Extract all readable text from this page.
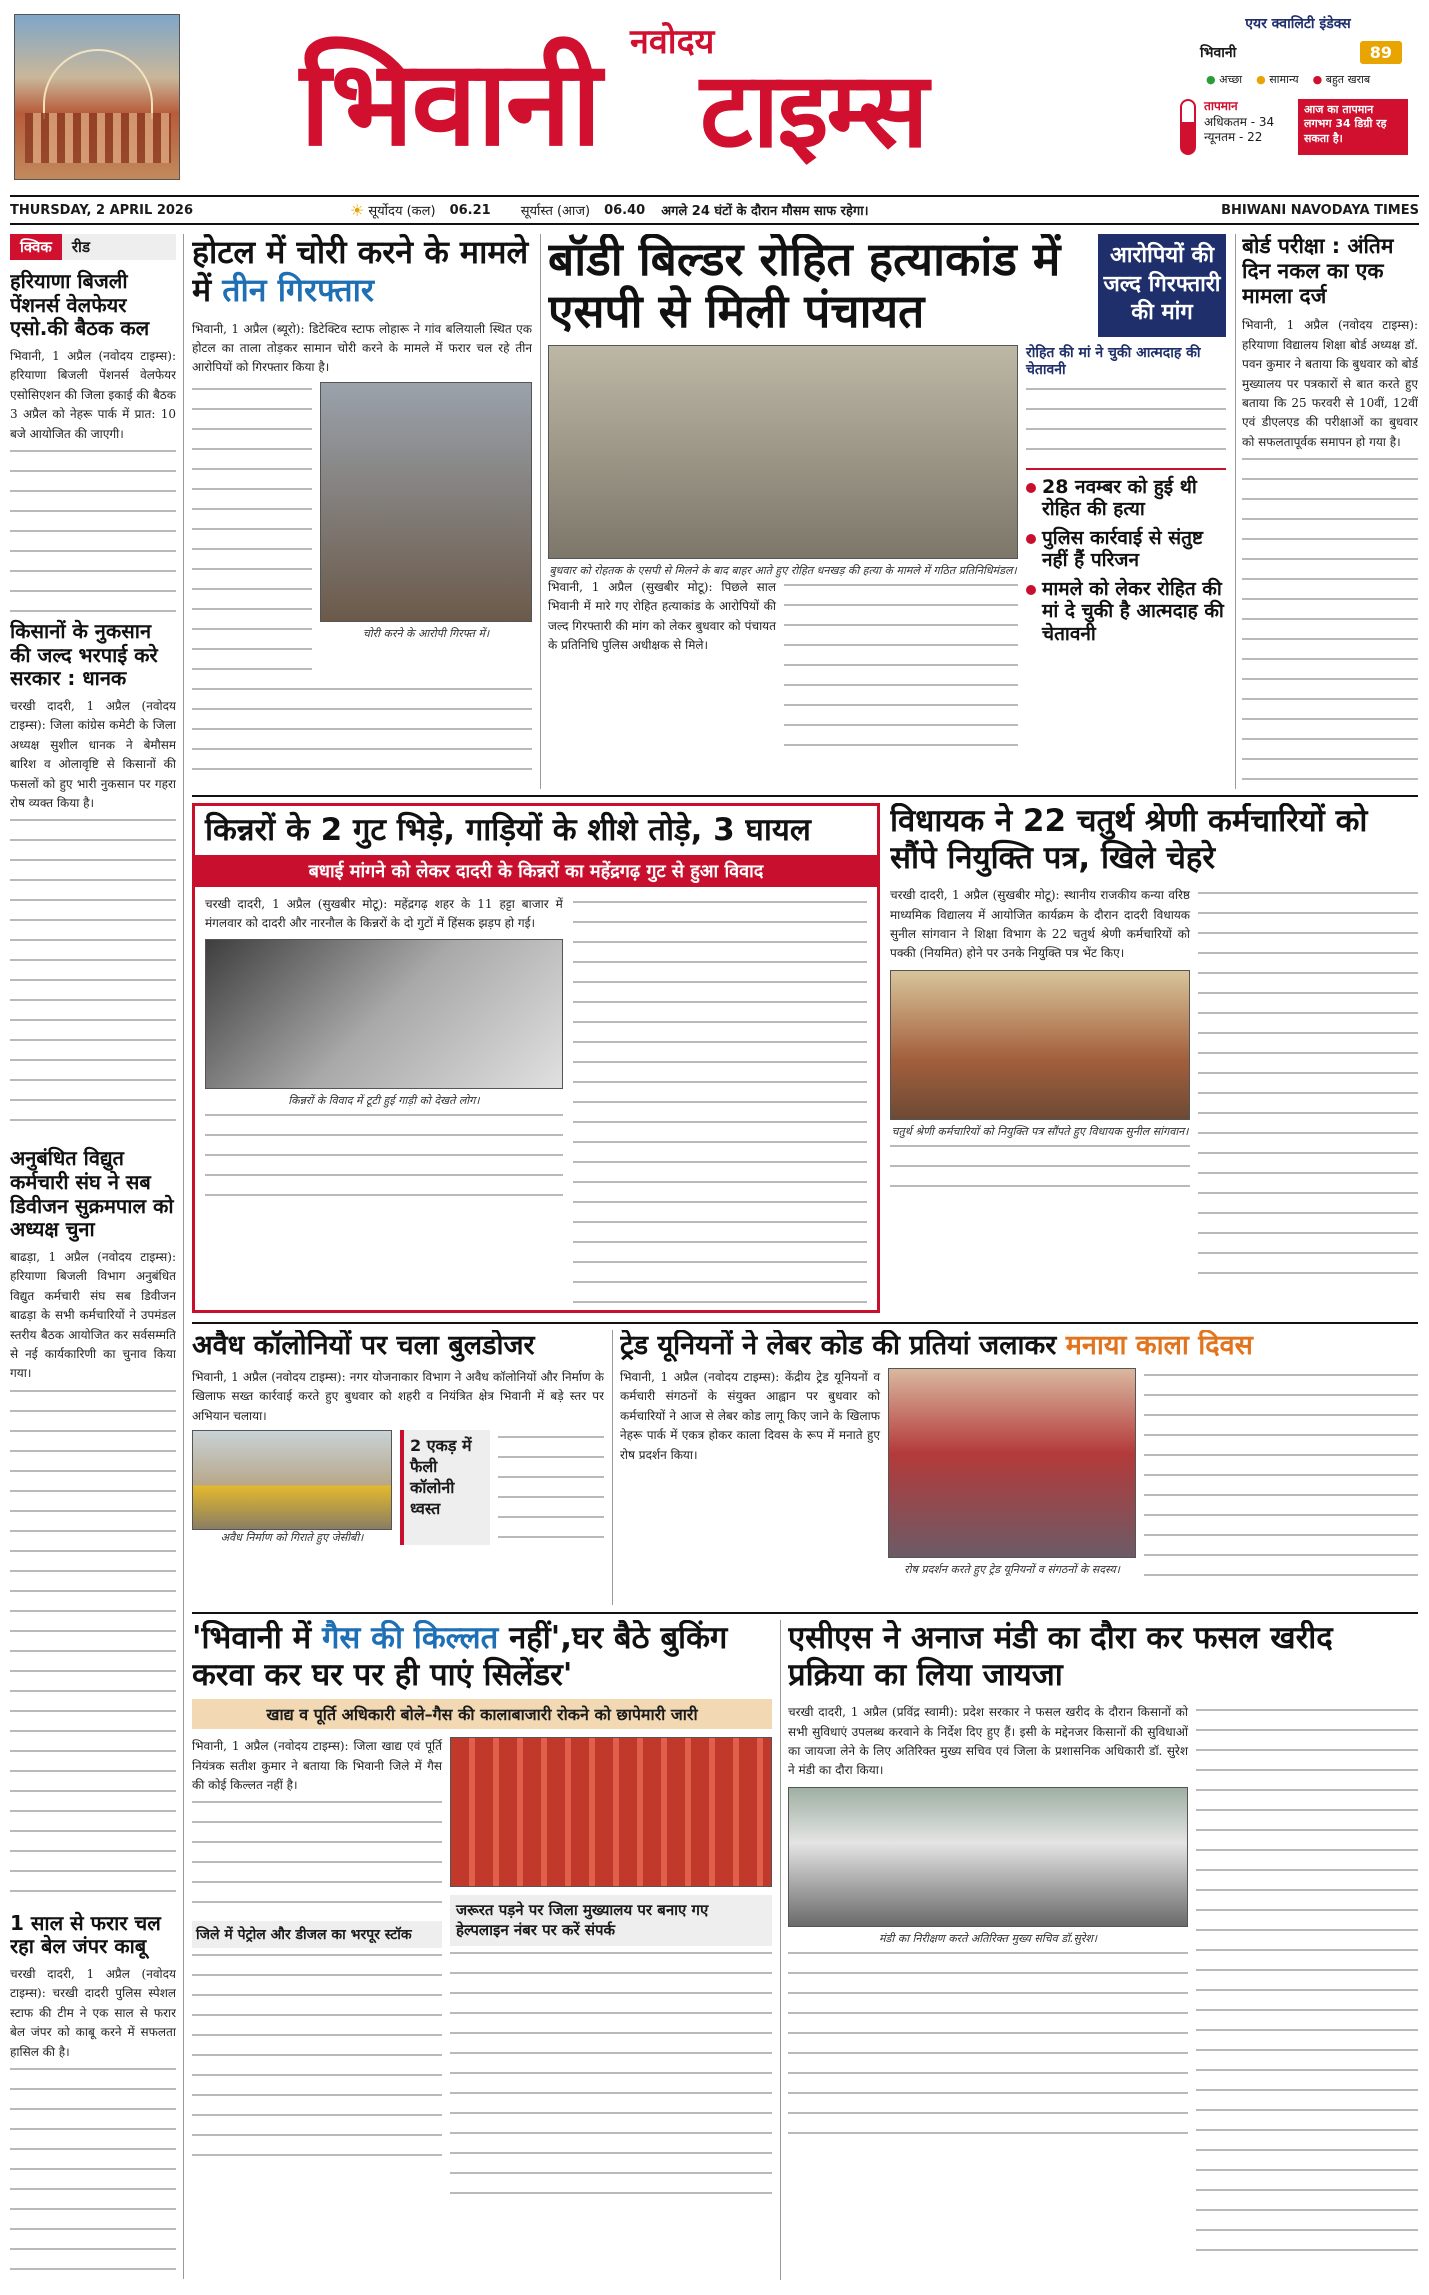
नवोदय
भिवानी टाइम्स
एयर क्वालिटी इंडेक्स
भिवानी	89
● अच्छा ● सामान्य ● बहुत खराब
तापमान
अधिकतम - 34
न्यूनतम - 22
आज का तापमान लगभग 34 डिग्री रह सकता है।
THURSDAY, 2 APRIL 2026	☀ सूर्योदय (कल) 06.21 सूर्यास्त (आज) 06.40 अगले 24 घंटों के दौरान मौसम साफ रहेगा।	BHIWANI NAVODAYA TIMES
क्विक	रीड
हरियाणा बिजली पेंशनर्स वेलफेयर एसो.की बैठक कल
भिवानी, 1 अप्रैल (नवोदय टाइम्स): हरियाणा बिजली पेंशनर्स वेलफेयर एसोसिएशन की जिला इकाई की बैठक 3 अप्रैल को नेहरू पार्क में प्रात: 10 बजे आयोजित की जाएगी।
किसानों के नुकसान की जल्द भरपाई करे सरकार : धानक
चरखी दादरी, 1 अप्रैल (नवोदय टाइम्स): जिला कांग्रेस कमेटी के जिला अध्यक्ष सुशील धानक ने बेमौसम बारिश व ओलावृष्टि से किसानों की फसलों को हुए भारी नुकसान पर गहरा रोष व्यक्त किया है।
अनुबंधित विद्युत कर्मचारी संघ ने सब डिवीजन सुक्रमपाल को अध्यक्ष चुना
बाढड़ा, 1 अप्रैल (नवोदय टाइम्स): हरियाणा बिजली विभाग अनुबंधित विद्युत कर्मचारी संघ सब डिवीजन बाढड़ा के सभी कर्मचारियों ने उपमंडल स्तरीय बैठक आयोजित कर सर्वसम्मति से नई कार्यकारिणी का चुनाव किया गया।
1 साल से फरार चल रहा बेल जंपर काबू
चरखी दादरी, 1 अप्रैल (नवोदय टाइम्स): चरखी दादरी पुलिस स्पेशल स्टाफ की टीम ने एक साल से फरार बेल जंपर को काबू करने में सफलता हासिल की है।
होटल में चोरी करने के मामले में तीन गिरफ्तार
भिवानी, 1 अप्रैल (ब्यूरो): डिटेक्टिव स्टाफ लोहारू ने गांव बलियाली स्थित एक होटल का ताला तोड़कर सामान चोरी करने के मामले में फरार चल रहे तीन आरोपियों को गिरफ्तार किया है।
चोरी करने के आरोपी गिरफ्त में।
बॉडी बिल्डर रोहित हत्याकांड में एसपी से मिली पंचायत
आरोपियों की जल्द गिरफ्तारी की मांग
बुधवार को रोहतक के एसपी से मिलने के बाद बाहर आते हुए रोहित धनखड़ की हत्या के मामले में गठित प्रतिनिधिमंडल।
भिवानी, 1 अप्रैल (सुखबीर मोटू): पिछले साल भिवानी में मारे गए रोहित हत्याकांड के आरोपियों की जल्द गिरफ्तारी की मांग को लेकर बुधवार को पंचायत के प्रतिनिधि पुलिस अधीक्षक से मिले।
रोहित की मां ने चुकी आत्मदाह की चेतावनी
28 नवम्बर को हुई थी रोहित की हत्या
पुलिस कार्रवाई से संतुष्ट नहीं हैं परिजन
मामले को लेकर रोहित की मां दे चुकी है आत्मदाह की चेतावनी
बोर्ड परीक्षा : अंतिम दिन नकल का एक मामला दर्ज
भिवानी, 1 अप्रैल (नवोदय टाइम्स): हरियाणा विद्यालय शिक्षा बोर्ड अध्यक्ष डॉ. पवन कुमार ने बताया कि बुधवार को बोर्ड मुख्यालय पर पत्रकारों से बात करते हुए बताया कि 25 फरवरी से 10वीं, 12वीं एवं डीएलएड की परीक्षाओं का बुधवार को सफलतापूर्वक समापन हो गया है।
किन्नरों के 2 गुट भिड़े, गाड़ियों के शीशे तोड़े, 3 घायल
बधाई मांगने को लेकर दादरी के किन्नरों का महेंद्रगढ़ गुट से हुआ विवाद
चरखी दादरी, 1 अप्रैल (सुखबीर मोटू): महेंद्रगढ़ शहर के 11 हट्टा बाजार में मंगलवार को दादरी और नारनौल के किन्नरों के दो गुटों में हिंसक झड़प हो गई।
किन्नरों के विवाद में टूटी हुई गाड़ी को देखते लोग।
विधायक ने 22 चतुर्थ श्रेणी कर्मचारियों को सौंपे नियुक्ति पत्र, खिले चेहरे
चरखी दादरी, 1 अप्रैल (सुखबीर मोटू): स्थानीय राजकीय कन्या वरिष्ठ माध्यमिक विद्यालय में आयोजित कार्यक्रम के दौरान दादरी विधायक सुनील सांगवान ने शिक्षा विभाग के 22 चतुर्थ श्रेणी कर्मचारियों को पक्की (नियमित) होने पर उनके नियुक्ति पत्र भेंट किए।
चतुर्थ श्रेणी कर्मचारियों को नियुक्ति पत्र सौंपते हुए विधायक सुनील सांगवान।
अवैध कॉलोनियों पर चला बुलडोजर
भिवानी, 1 अप्रैल (नवोदय टाइम्स): नगर योजनाकार विभाग ने अवैध कॉलोनियों और निर्माण के खिलाफ सख्त कार्रवाई करते हुए बुधवार को शहरी व नियंत्रित क्षेत्र भिवानी में बड़े स्तर पर अभियान चलाया।
अवैध निर्माण को गिराते हुए जेसीबी।
2 एकड़ में फैली कॉलोनी ध्वस्त
ट्रेड यूनियनों ने लेबर कोड की प्रतियां जलाकर मनाया काला दिवस
भिवानी, 1 अप्रैल (नवोदय टाइम्स): केंद्रीय ट्रेड यूनियनों व कर्मचारी संगठनों के संयुक्त आह्वान पर बुधवार को कर्मचारियों ने आज से लेबर कोड लागू किए जाने के खिलाफ नेहरू पार्क में एकत्र होकर काला दिवस के रूप में मनाते हुए रोष प्रदर्शन किया।
रोष प्रदर्शन करते हुए ट्रेड यूनियनों व संगठनों के सदस्य।
'भिवानी में गैस की किल्लत नहीं',घर बैठे बुकिंग करवा कर घर पर ही पाएं सिलेंडर'
खाद्य व पूर्ति अधिकारी बोले–गैस की कालाबाजारी रोकने को छापेमारी जारी
भिवानी, 1 अप्रैल (नवोदय टाइम्स): जिला खाद्य एवं पूर्ति नियंत्रक सतीश कुमार ने बताया कि भिवानी जिले में गैस की कोई किल्लत नहीं है।
जिले में पेट्रोल और डीजल का भरपूर स्टॉक
जरूरत पड़ने पर जिला मुख्यालय पर बनाए गए हेल्पलाइन नंबर पर करें संपर्क
एसीएस ने अनाज मंडी का दौरा कर फसल खरीद प्रक्रिया का लिया जायजा
चरखी दादरी, 1 अप्रैल (प्रविंद्र स्वामी): प्रदेश सरकार ने फसल खरीद के दौरान किसानों को सभी सुविधाएं उपलब्ध करवाने के निर्देश दिए हुए हैं। इसी के मद्देनजर किसानों की सुविधाओं का जायजा लेने के लिए अतिरिक्त मुख्य सचिव एवं जिला के प्रशासनिक अधिकारी डॉ. सुरेश ने मंडी का दौरा किया।
मंडी का निरीक्षण करते अतिरिक्त मुख्य सचिव डॉ.सुरेश।
